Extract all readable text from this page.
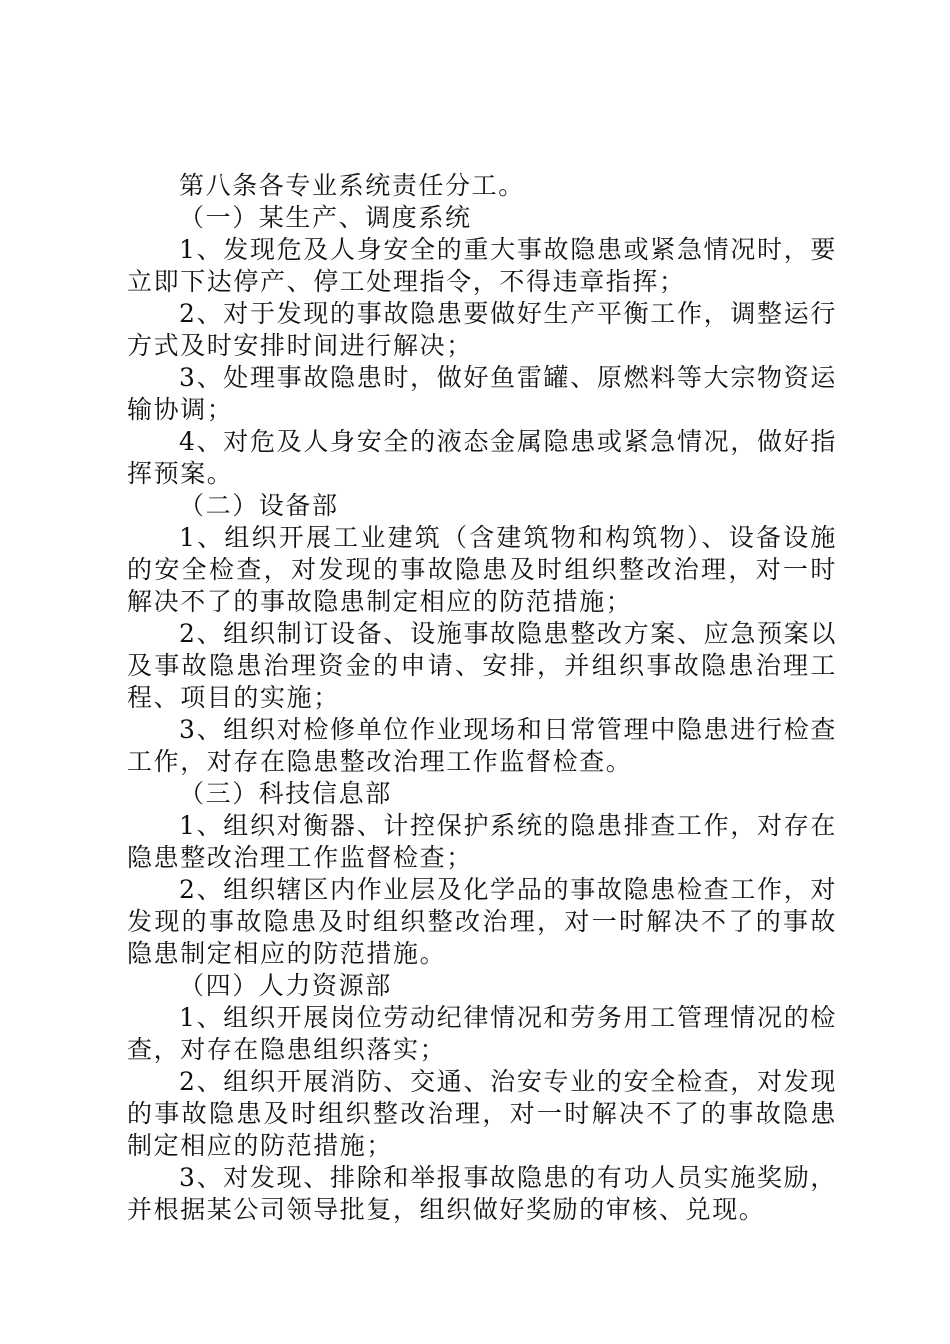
第八条各专业系统责任分工。

（一）某生产、调度系统

1、发现危及人身安全的重大事故隐患或紧急情况时，要立即下达停产、停工处理指令，不得违章指挥；

2、对于发现的事故隐患要做好生产平衡工作，调整运行方式及时安排时间进行解决；

3、处理事故隐患时，做好鱼雷罐、原燃料等大宗物资运输协调；

4、对危及人身安全的液态金属隐患或紧急情况，做好指挥预案。

（二）设备部

1、组织开展工业建筑（含建筑物和构筑物）、设备设施的安全检查，对发现的事故隐患及时组织整改治理，对一时解决不了的事故隐患制定相应的防范措施；

2、组织制订设备、设施事故隐患整改方案、应急预案以及事故隐患治理资金的申请、安排，并组织事故隐患治理工程、项目的实施；

3、组织对检修单位作业现场和日常管理中隐患进行检查工作，对存在隐患整改治理工作监督检查。

（三）科技信息部

1、组织对衡器、计控保护系统的隐患排查工作，对存在隐患整改治理工作监督检查；

2、组织辖区内作业层及化学品的事故隐患检查工作，对发现的事故隐患及时组织整改治理，对一时解决不了的事故隐患制定相应的防范措施。

（四）人力资源部

1、组织开展岗位劳动纪律情况和劳务用工管理情况的检查，对存在隐患组织落实；

2、组织开展消防、交通、治安专业的安全检查，对发现的事故隐患及时组织整改治理，对一时解决不了的事故隐患制定相应的防范措施；

3、对发现、排除和举报事故隐患的有功人员实施奖励，并根据某公司领导批复，组织做好奖励的审核、兑现。
